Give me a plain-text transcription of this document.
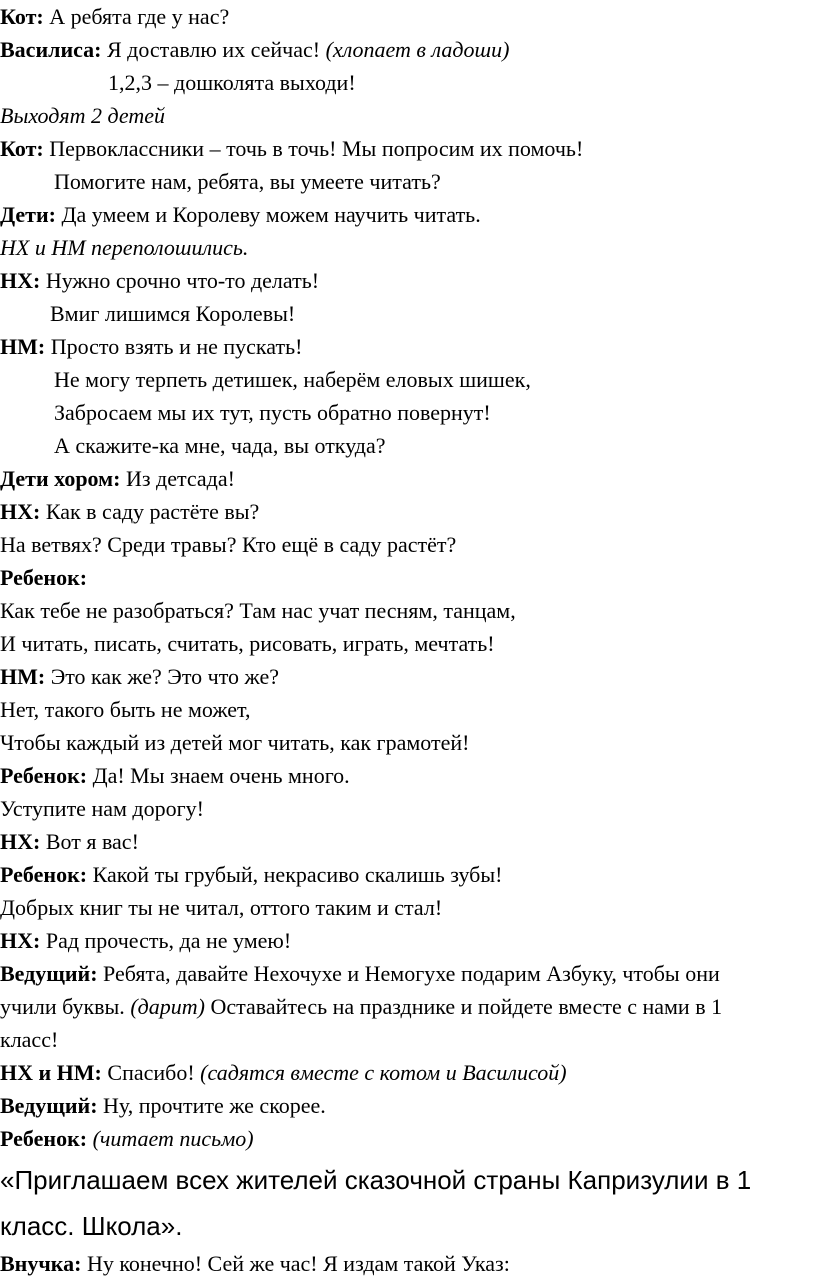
Кот: А ребята где у нас?

Василиса: Я доставлю их сейчас! (хлопает в ладоши)

1,2,3 – дошколята выходи!

Выходят 2 детей

Кот: Первоклассники – точь в точь! Мы попросим их помочь!

Помогите нам, ребята, вы умеете читать?

Дети: Да умеем и Королеву можем научить читать.

НХ и НМ переполошились.

НХ: Нужно срочно что-то делать!

Вмиг лишимся Королевы!

НМ: Просто взять и не пускать!

Не могу терпеть детишек, наберём еловых шишек,

Забросаем мы их тут, пусть обратно повернут!

А скажите-ка мне, чада, вы откуда?

Дети хором: Из детсада!

НХ: Как в саду растёте вы?

На ветвях? Среди травы? Кто ещё в саду растёт?

Ребенок:

Как тебе не разобраться? Там нас учат песням, танцам,

И читать, писать, считать, рисовать, играть, мечтать!

НМ: Это как же? Это что же?

Нет, такого быть не может,

Чтобы каждый из детей мог читать, как грамотей!

Ребенок: Да! Мы знаем очень много.

Уступите нам дорогу!

НХ: Вот я вас!

Ребенок: Какой ты грубый, некрасиво скалишь зубы!

Добрых книг ты не читал, оттого таким и стал!

НХ: Рад прочесть, да не умею!

Ведущий: Ребята, давайте Нехочухе и Немогухе подарим Азбуку, чтобы они

учили буквы. (дарит) Оставайтесь на празднике и пойдете вместе с нами в 1

класс!

НХ и НМ: Спасибо! (садятся вместе с котом и Василисой)

Ведущий: Ну, прочтите же скорее.

Ребенок: (читает письмо)

«Приглашаем всех жителей сказочной страны Капризулии в 1

класс. Школа».

Внучка: Ну конечно! Сей же час! Я издам такой Указ:
